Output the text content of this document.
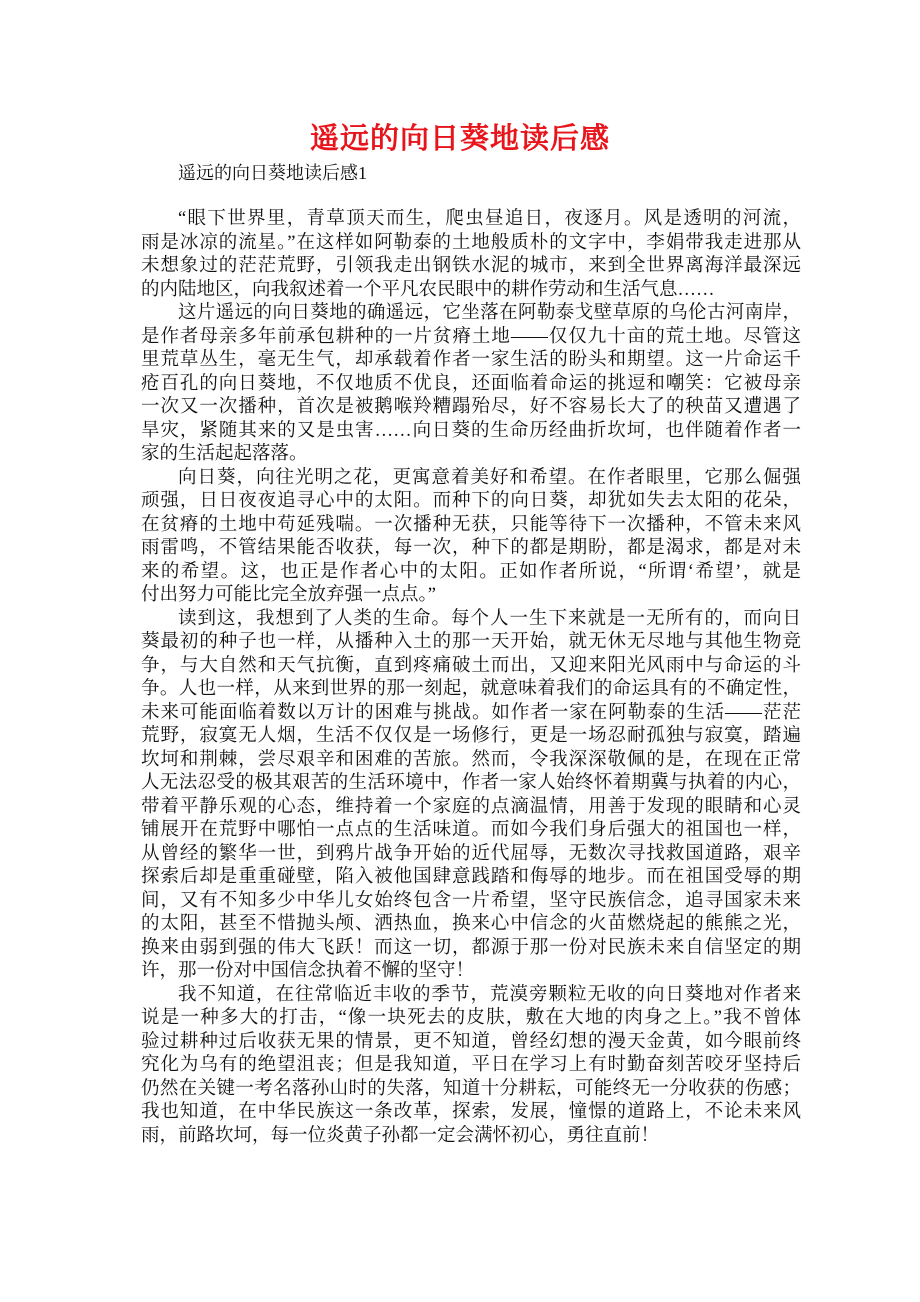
遥远的向日葵地读后感
遥远的向日葵地读后感1
“眼下世界里，青草顶天而生，爬虫昼追日，夜逐月。风是透明的河流，
雨是冰凉的流星。”在这样如阿勒泰的土地般质朴的文字中，李娟带我走进那从
未想象过的茫茫荒野，引领我走出钢铁水泥的城市，来到全世界离海洋最深远
的内陆地区，向我叙述着一个平凡农民眼中的耕作劳动和生活气息……
这片遥远的向日葵地的确遥远，它坐落在阿勒泰戈壁草原的乌伦古河南岸，
是作者母亲多年前承包耕种的一片贫瘠土地——仅仅九十亩的荒土地。尽管这
里荒草丛生，毫无生气，却承载着作者一家生活的盼头和期望。这一片命运千
疮百孔的向日葵地，不仅地质不优良，还面临着命运的挑逗和嘲笑：它被母亲
一次又一次播种，首次是被鹅喉羚糟蹋殆尽，好不容易长大了的秧苗又遭遇了
旱灾，紧随其来的又是虫害……向日葵的生命历经曲折坎坷，也伴随着作者一
家的生活起起落落。
向日葵，向往光明之花，更寓意着美好和希望。在作者眼里，它那么倔强
顽强，日日夜夜追寻心中的太阳。而种下的向日葵，却犹如失去太阳的花朵，
在贫瘠的土地中苟延残喘。一次播种无获，只能等待下一次播种，不管未来风
雨雷鸣，不管结果能否收获，每一次，种下的都是期盼，都是渴求，都是对未
来的希望。这，也正是作者心中的太阳。正如作者所说，“所谓‘希望’，就是
付出努力可能比完全放弃强一点点。”
读到这，我想到了人类的生命。每个人一生下来就是一无所有的，而向日
葵最初的种子也一样，从播种入土的那一天开始，就无休无尽地与其他生物竞
争，与大自然和天气抗衡，直到疼痛破土而出，又迎来阳光风雨中与命运的斗
争。人也一样，从来到世界的那一刻起，就意味着我们的命运具有的不确定性，
未来可能面临着数以万计的困难与挑战。如作者一家在阿勒泰的生活——茫茫
荒野，寂寞无人烟，生活不仅仅是一场修行，更是一场忍耐孤独与寂寞，踏遍
坎坷和荆棘，尝尽艰辛和困难的苦旅。然而，令我深深敬佩的是，在现在正常
人无法忍受的极其艰苦的生活环境中，作者一家人始终怀着期冀与执着的内心，
带着平静乐观的心态，维持着一个家庭的点滴温情，用善于发现的眼睛和心灵
铺展开在荒野中哪怕一点点的生活味道。而如今我们身后强大的祖国也一样，
从曾经的繁华一世，到鸦片战争开始的近代屈辱，无数次寻找救国道路，艰辛
探索后却是重重碰壁，陷入被他国肆意践踏和侮辱的地步。而在祖国受辱的期
间，又有不知多少中华儿女始终包含一片希望，坚守民族信念，追寻国家未来
的太阳，甚至不惜抛头颅、洒热血，换来心中信念的火苗燃烧起的熊熊之光，
换来由弱到强的伟大飞跃！而这一切，都源于那一份对民族未来自信坚定的期
许，那一份对中国信念执着不懈的坚守！
我不知道，在往常临近丰收的季节，荒漠旁颗粒无收的向日葵地对作者来
说是一种多大的打击，“像一块死去的皮肤，敷在大地的肉身之上。”我不曾体
验过耕种过后收获无果的情景，更不知道，曾经幻想的漫天金黄，如今眼前终
究化为乌有的绝望沮丧；但是我知道，平日在学习上有时勤奋刻苦咬牙坚持后
仍然在关键一考名落孙山时的失落，知道十分耕耘，可能终无一分收获的伤感；
我也知道，在中华民族这一条改革，探索，发展，憧憬的道路上，不论未来风
雨，前路坎坷，每一位炎黄子孙都一定会满怀初心，勇往直前！
